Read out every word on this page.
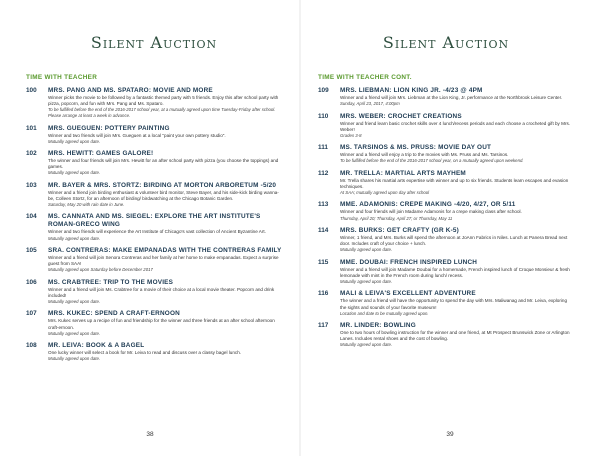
Silent Auction
TIME WITH TEACHER
100	MRS. PANG AND MS. SPATARO: MOVIE AND MORE
Winner picks the movie to be followed by a fantastic themed party with 5 friends. Enjoy this after school party with pizza, popcorn, and fun with Mrs. Pang and Ms. Spataro.
To be fulfilled before the end of the 2016-2017 school year, at a mutually agreed upon time Tuesday-Friday after school. Please arrange at least a week in advance.
101	MRS. GUEGUEN: POTTERY PAINTING
Winner and two friends will join Mrs. Gueguen at a local "paint your own pottery studio".
Mutually agreed upon date.
102	MRS. HEWITT: GAMES GALORE!
The winner and four friends will join Mrs. Hewitt for an after school party with pizza (you choose the toppings) and games.
Mutually agreed upon date.
103	MR. BAYER & MRS. STORTZ: BIRDING AT MORTON ARBORETUM -5/20
Winner and a friend join birding enthusiast & volunteer bird monitor, Steve Bayer, and his side-kick birding wanna-be, Colleen Stortz, for an afternoon of birding/ birdwatching at the Chicago Botanic Garden.
Saturday, May 20 with rain date in June.
104	MS. CANNATA AND MS. SIEGEL: EXPLORE THE ART INSTITUTE'S ROMAN-GRECO WING
Winner and two friends will experience the Art Institute of Chicago's vast collection of Ancient Byzantine Art.
Mutually agreed upon date.
105	SRA. CONTRERAS: MAKE EMPANADAS WITH THE CONTRERAS FAMILY
Winner and a friend will join Senora Contreras and her family at her home to make empanadas. Expect a surprise guest from SAA!
Mutually agreed upon Saturday before December 2017
106	MS. CRABTREE: TRIP TO THE MOVIES
Winner and a friend will join Ms. Crabtree for a movie of their choice at a local movie theater. Popcorn and drink included!
Mutually agreed upon date.
107	MRS. KUKEC: SPEND A CRAFT-ERNOON
Mrs. Kukec serves up a recipe of fun and friendship for the winner and three friends at an after school afternoon craft-ernoon.
Mutually agreed upon date.
108	MR. LEIVA: BOOK & A BAGEL
One lucky winner will select a book for Mr. Leiva to read and discuss over a classy bagel lunch.
Mutually agreed upon date.
38
Silent Auction
TIME WITH TEACHER CONT.
109	MRS. LIEBMAN: LION KING JR. -4/23 @ 4PM
Winner and a friend will join Mrs. Liebman at the Lion King, Jr. performance at the Northbrook Leisure Center.
Sunday, April 23, 2017, 4:00pm
110	MRS. WEBER: CROCHET CREATIONS
Winner and friend learn basic crochet skills over 4 lunch/recess periods and each choose a crocheted gift by Mrs. Weber!
Grades 3-8
111	MS. TARSINOS & MS. PRUSS: MOVIE DAY OUT
Winner and a friend will enjoy a trip to the movies with Ms. Pruss and Ms. Tarsinos.
To be fulfilled before the end of the 2016-2017 school year, on a mutually agreed upon weekend.
112	MR. TRELLA: MARTIAL ARTS MAYHEM
Mr. Trella shares his martial arts expertise with winner and up to six friends. Students learn escapes and evasion techniques.
At SAA; mutually agreed upon day after school
113	MME. ADAMONIS: CREPE MAKING -4/20, 4/27, OR 5/11
Winner and four friends will join Madame Adamonis for a crepe making class after school.
Thursday, April 20; Thursday, April 27; or Thursday, May 11
114	MRS. BURKS: GET CRAFTY (GR K-5)
Winner, 1 friend, and Mrs. Burks will spend the afternoon at JoAnn Fabrics in Niles. Lunch at Panera Bread next door. Includes craft of your choice + lunch.
Mutually agreed upon date.
115	MME. DOUBAI: FRENCH INSPIRED LUNCH
Winner and a friend will join Madame Doubai for a homemade, French inspired lunch of Croque Monsieur & fresh lemonade with mint in the French room during lunch/ recess.
Mutually agreed upon date.
116	MALI & LEIVA'S EXCELLENT ADVENTURE
The winner and a friend will have the opportunity to spend the day with Mrs. Maliwanag and Mr. Leiva, exploring the sights and sounds of your favorite museum!
Location and date to be mutually agreed upon.
117	MR. LINDER: BOWLING
One to two hours of bowling instruction for the winner and one friend, at Mt Prospect Brunswick Zone or Arlington Lanes. Includes rental shoes and the cost of bowling.
Mutually agreed upon date.
39
